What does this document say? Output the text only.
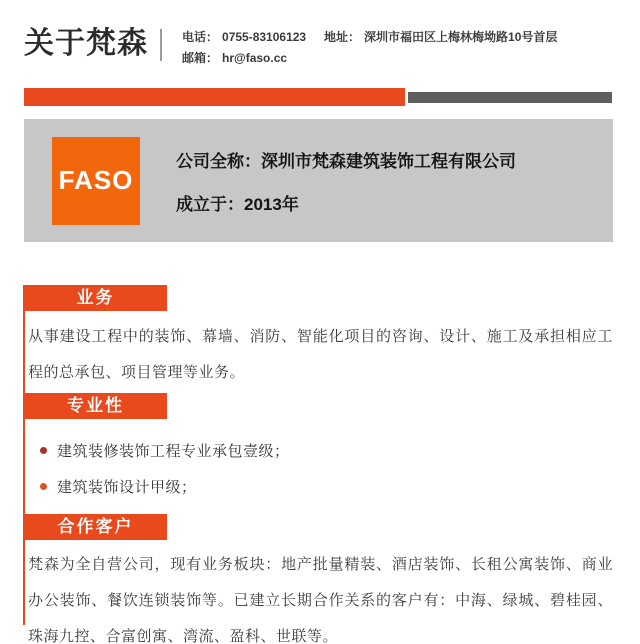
关于梵森	电话： 0755-83106123	地址： 深圳市福田区上梅林梅坳路10号首层
邮箱： hr@faso.cc
FASO
公司全称：深圳市梵森建筑装饰工程有限公司
成立于：2013年
业务
从事建设工程中的装饰、幕墙、消防、智能化项目的咨询、设计、施工及承担相应工程的总承包、项目管理等业务。
专业性
建筑装修装饰工程专业承包壹级；
建筑装饰设计甲级；
合作客户
梵森为全自营公司，现有业务板块：地产批量精装、酒店装饰、长租公寓装饰、商业办公装饰、餐饮连锁装饰等。已建立长期合作关系的客户有：中海、绿城、碧桂园、珠海九控、合富创寓、湾流、盈科、世联等。
